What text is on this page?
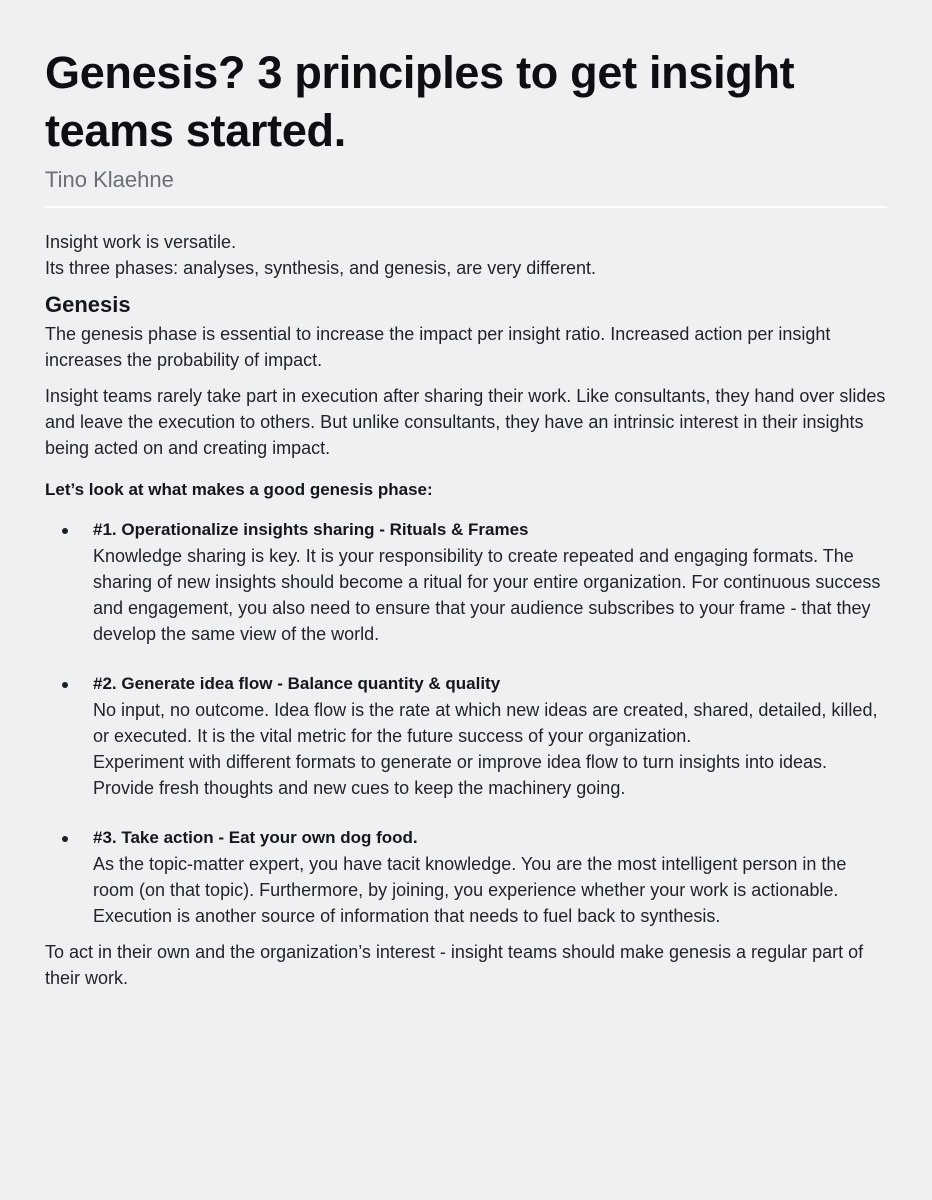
Genesis? 3 principles to get insight teams started.
Tino Klaehne

Insight work is versatile.

Its three phases: analyses, synthesis, and genesis, are very different.

Genesis

The genesis phase is essential to increase the impact per insight ratio. Increased action per insight increases the probability of impact.

Insight teams rarely take part in execution after sharing their work. Like consultants, they hand over slides and leave the execution to others. But unlike consultants, they have an intrinsic interest in their insights being acted on and creating impact.

Let’s look at what makes a good genesis phase:
#1. Operationalize insights sharing - Rituals & Frames

Knowledge sharing is key. It is your responsibility to create repeated and engaging formats. The sharing of new insights should become a ritual for your entire organization. For continuous success and engagement, you also need to ensure that your audience subscribes to your frame - that they develop the same view of the world.

#2. Generate idea flow - Balance quantity & quality

No input, no outcome. Idea flow is the rate at which new ideas are created, shared, detailed, killed, or executed. It is the vital metric for the future success of your organization.

Experiment with different formats to generate or improve idea flow to turn insights into ideas. Provide fresh thoughts and new cues to keep the machinery going.

#3. Take action - Eat your own dog food.

As the topic-matter expert, you have tacit knowledge. You are the most intelligent person in the room (on that topic). Furthermore, by joining, you experience whether your work is actionable. Execution is another source of information that needs to fuel back to synthesis.

To act in their own and the organization’s interest - insight teams should make genesis a regular part of their work.
